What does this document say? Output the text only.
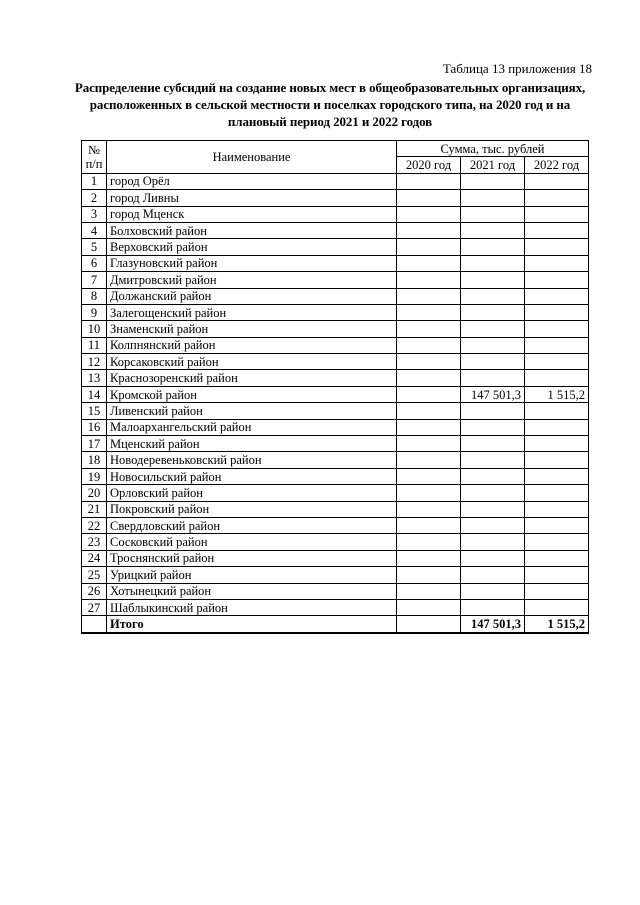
Таблица 13 приложения 18
Распределение субсидий на создание новых мест в общеобразовательных организациях,
расположенных в сельской местности и поселках городского типа, на 2020 год и на
плановый период 2021 и 2022 годов
№
п/п	Наименование	Сумма, тыс. рублей		
		2020 год	2021 год	2022 год
1	город Орёл			
2	город Ливны			
3	город Мценск			
4	Болховский район			
5	Верховский район			
6	Глазуновский район			
7	Дмитровский район			
8	Должанский район			
9	Залегощенский район			
10	Знаменский район			
11	Колпнянский район			
12	Корсаковский район			
13	Краснозоренский район			
14	Кромской район		147 501,3	1 515,2
15	Ливенский район			
16	Малоархангельский район			
17	Мценский район			
18	Новодеревеньковский район			
19	Новосильский район			
20	Орловский район			
21	Покровский район			
22	Свердловский район			
23	Сосковский район			
24	Троснянский район			
25	Урицкий район			
26	Хотынецкий район			
27	Шаблыкинский район			
	Итого		147 501,3	1 515,2
